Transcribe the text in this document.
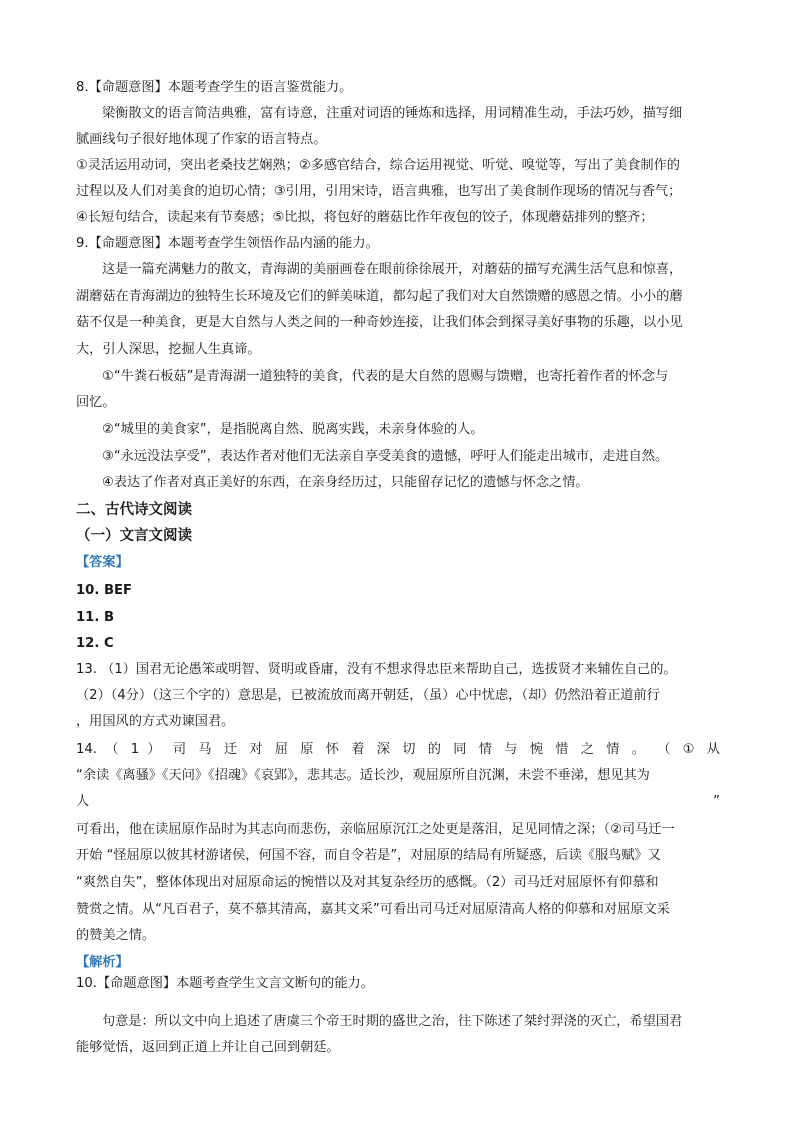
8.【命题意图】本题考查学生的语言鉴赏能力。
梁衡散文的语言简洁典雅，富有诗意，注重对词语的锤炼和选择，用词精准生动，手法巧妙，描写细
腻画线句子很好地体现了作家的语言特点。
①灵活运用动词，突出老桑技艺娴熟；②多感官结合，综合运用视觉、听觉、嗅觉等，写出了美食制作的
过程以及人们对美食的迫切心情；③引用，引用宋诗，语言典雅，也写出了美食制作现场的情况与香气；
④长短句结合，读起来有节奏感；⑤比拟，将包好的蘑菇比作年夜包的饺子，体现蘑菇排列的整齐；
9.【命题意图】本题考查学生领悟作品内涵的能力。
这是一篇充满魅力的散文，青海湖的美丽画卷在眼前徐徐展开，对蘑菇的描写充满生活气息和惊喜，
湖蘑菇在青海湖边的独特生长环境及它们的鲜美味道，都勾起了我们对大自然馈赠的感恩之情。小小的蘑
菇不仅是一种美食，更是大自然与人类之间的一种奇妙连接，让我们体会到探寻美好事物的乐趣，以小见
大，引人深思，挖掘人生真谛。
①“牛粪石板菇”是青海湖一道独特的美食，代表的是大自然的恩赐与馈赠，也寄托着作者的怀念与
回忆。
②“城里的美食家”，是指脱离自然、脱离实践，未亲身体验的人。
③“永远没法享受”，表达作者对他们无法亲自享受美食的遗憾，呼吁人们能走出城市，走进自然。
④表达了作者对真正美好的东西，在亲身经历过，只能留存记忆的遗憾与怀念之情。
二、古代诗文阅读
（一）文言文阅读
【答案】
10. BEF
11. B
12. C
13. （1）国君无论愚笨或明智、贤明或昏庸，没有不想求得忠臣来帮助自己，选拔贤才来辅佐自己的。
（2）（4分）（这三个字的）意思是，已被流放而离开朝廷，（虽）心中忧虑，（却）仍然沿着正道前行
，用国风的方式劝谏国君。
14. （ 1 ） 司 马 迁 对 屈 原 怀 着 深 切 的 同 情 与 惋 惜 之 情 。 （ ① 从
“余读《离骚》《天问》《招魂》《哀郢》，悲其志。适长沙，观屈原所自沉渊，未尝不垂涕，想见其为
人	”
可看出，他在读屈原作品时为其志向而悲伤，亲临屈原沉江之处更是落泪，足见同情之深；（②司马迁一
开始 “怪屈原以彼其材游诸侯，何国不容，而自令若是”，对屈原的结局有所疑惑，后读《服鸟赋》又
“爽然自失”，整体体现出对屈原命运的惋惜以及对其复杂经历的感慨。（2）司马迁对屈原怀有仰慕和
赞赏之情。从“凡百君子，莫不慕其清高，嘉其文采”可看出司马迁对屈原清高人格的仰慕和对屈原文采
的赞美之情。
【解析】
10.【命题意图】本题考查学生文言文断句的能力。
句意是：所以文中向上追述了唐虞三个帝王时期的盛世之治，往下陈述了桀纣羿浇的灭亡，希望国君
能够觉悟，返回到正道上并让自己回到朝廷。
